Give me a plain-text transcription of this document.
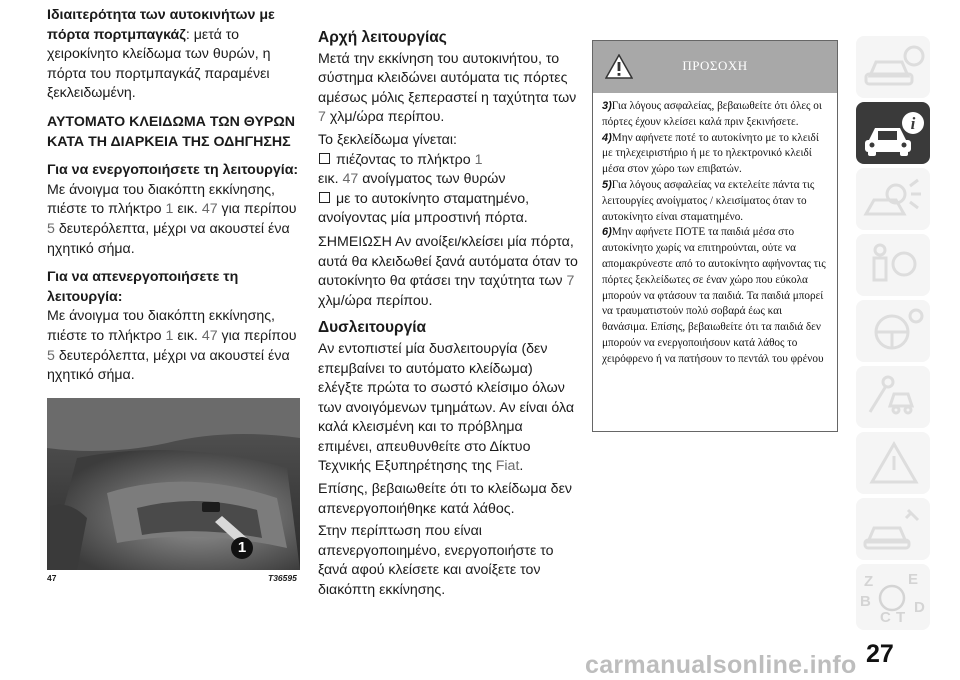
Ιδιαιτερότητα των αυτοκινήτων με πόρτα πορτμπαγκάζ: μετά το χειροκίνητο κλείδωμα των θυρών, η πόρτα του πορτμπαγκάζ παραμένει ξεκλειδωμένη.

ΑΥΤΟΜΑΤΟ ΚΛΕΙΔΩΜΑ ΤΩΝ ΘΥΡΩΝ ΚΑΤΑ ΤΗ ΔΙΑΡΚΕΙΑ ΤΗΣ ΟΔΗΓΗΣΗΣ
Για να ενεργοποιήσετε τη λειτουργία:

Με άνοιγμα του διακόπτη εκκίνησης, πιέστε το πλήκτρο 1 εικ. 47 για περίπου 5 δευτερόλεπτα, μέχρι να ακουστεί ένα ηχητικό σήμα.

Για να απενεργοποιήσετε τη λειτουργία:

Με άνοιγμα του διακόπτη εκκίνησης, πιέστε το πλήκτρο 1 εικ. 47 για περίπου 5 δευτερόλεπτα, μέχρι να ακουστεί ένα ηχητικό σήμα.

1
47	T36595
Αρχή λειτουργίας

Μετά την εκκίνηση του αυτοκινήτου, το σύστημα κλειδώνει αυτόματα τις πόρτες αμέσως μόλις ξεπεραστεί η ταχύτητα των 7 χλμ/ώρα περίπου.

Το ξεκλείδωμα γίνεται:

πιέζοντας το πλήκτρο 1

εικ. 47 ανοίγματος των θυρών

με το αυτοκίνητο σταματημένο, ανοίγοντας μία μπροστινή πόρτα.

ΣΗΜΕΙΩΣΗ Αν ανοίξει/κλείσει μία πόρτα, αυτά θα κλειδωθεί ξανά αυτόματα όταν το αυτοκίνητο θα φτάσει την ταχύτητα των 7 χλμ/ώρα περίπου.

Δυσλειτουργία

Αν εντοπιστεί μία δυσλειτουργία (δεν επεμβαίνει το αυτόματο κλείδωμα) ελέγξτε πρώτα το σωστό κλείσιμο όλων των ανοιγόμενων τμημάτων. Αν είναι όλα καλά κλεισμένη και το πρόβλημα επιμένει, απευθυνθείτε στο Δίκτυο Τεχνικής Εξυπηρέτησης της Fiat.

Επίσης, βεβαιωθείτε ότι το κλείδωμα δεν απενεργοποιήθηκε κατά λάθος.

Στην περίπτωση που είναι απενεργοποιημένο, ενεργοποιήστε το ξανά αφού κλείσετε και ανοίξετε τον διακόπτη εκκίνησης.

ΠΡΟΣΟΧΗ

3)Για λόγους ασφαλείας, βεβαιωθείτε ότι όλες οι πόρτες έχουν κλείσει καλά πριν ξεκινήσετε.

4)Μην αφήνετε ποτέ το αυτοκίνητο με το κλειδί με τηλεχειριστήριο ή με το ηλεκτρονικό κλειδί μέσα στον χώρο των επιβατών.

5)Για λόγους ασφαλείας να εκτελείτε πάντα τις λειτουργίες ανοίγματος / κλεισίματος όταν το αυτοκίνητο είναι σταματημένο.

6)Μην αφήνετε ΠΟΤΕ τα παιδιά μέσα στο αυτοκίνητο χωρίς να επιτηρούνται, ούτε να απομακρύνεστε από το αυτοκίνητο αφήνοντας τις πόρτες ξεκλείδωτες σε έναν χώρο που εύκολα μπορούν να φτάσουν τα παιδιά. Τα παιδιά μπορεί να τραυματιστούν πολύ σοβαρά έως και θανάσιμα. Επίσης, βεβαιωθείτε ότι τα παιδιά δεν μπορούν να ενεργοποιήσουν κατά λάθος το χειρόφρενο ή να πατήσουν το πεντάλ του φρένου

i
Z E
B
C T
D
27
carmanualsonline.info
